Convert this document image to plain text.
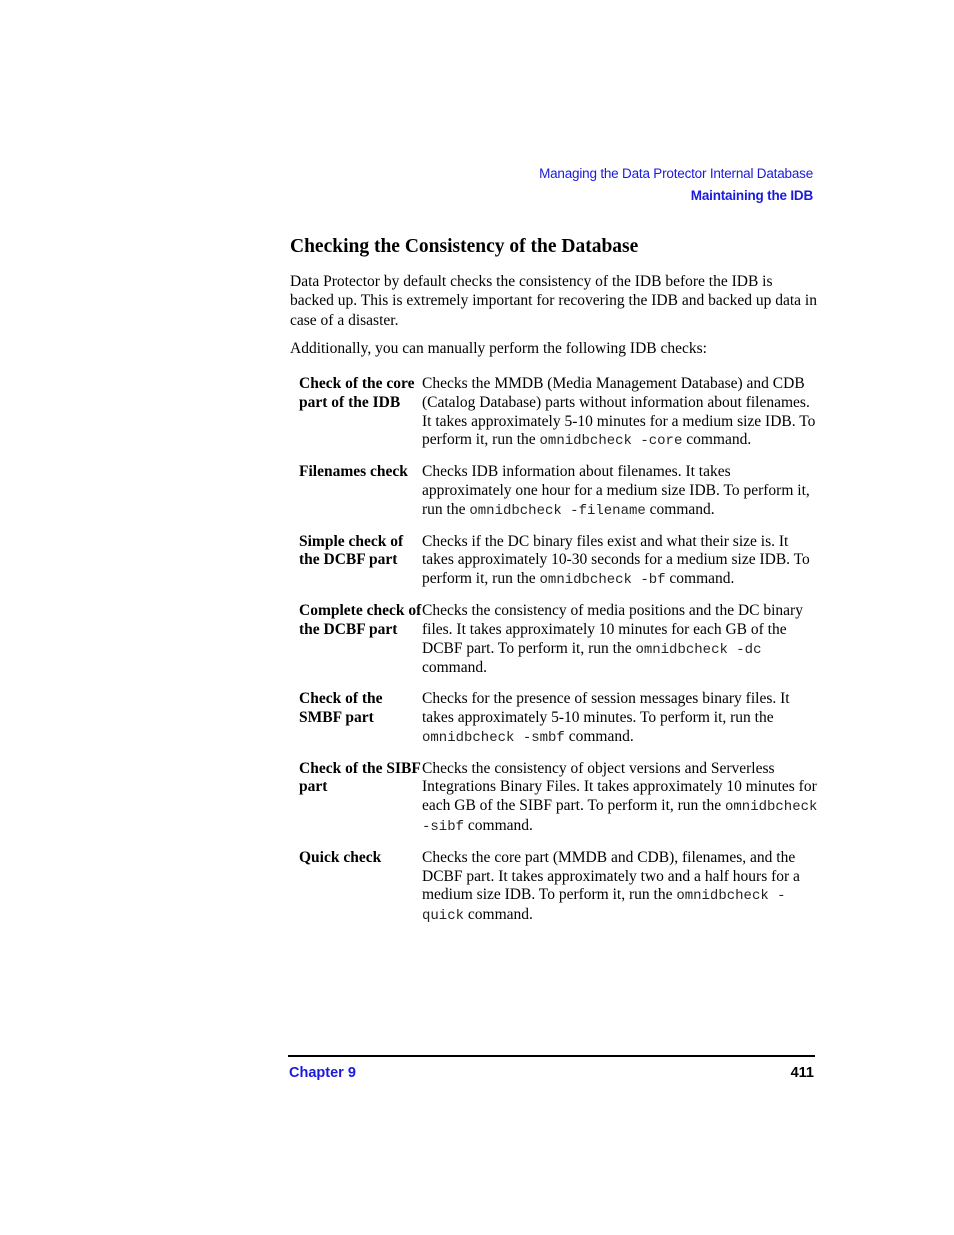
Managing the Data Protector Internal Database
Maintaining the IDB
Checking the Consistency of the Database

Data Protector by default checks the consistency of the IDB before the IDB is backed up. This is extremely important for recovering the IDB and backed up data in case of a disaster.

Additionally, you can manually perform the following IDB checks:

Check of the core part of the IDB
Checks the MMDB (Media Management Database) and CDB (Catalog Database) parts without information about filenames. It takes approximately 5-10 minutes for a medium size IDB. To perform it, run the omnidbcheck -core command.
Filenames check Checks IDB information about filenames. It takes approximately one hour for a medium size IDB. To perform it, run the omnidbcheck -filename command.
Simple check of the DCBF part
Checks if the DC binary files exist and what their size is. It takes approximately 10-30 seconds for a medium size IDB. To perform it, run the omnidbcheck -bf command.
Complete check of the DCBF part
Checks the consistency of media positions and the DC binary files. It takes approximately 10 minutes for each GB of the DCBF part. To perform it, run the omnidbcheck -dc command.
Check of the SMBF part
Checks for the presence of session messages binary files. It takes approximately 5-10 minutes. To perform it, run the omnidbcheck -smbf command.
Check of the SIBF part
Checks the consistency of object versions and Serverless Integrations Binary Files. It takes approximately 10 minutes for each GB of the SIBF part. To perform it, run the omnidbcheck -sibf command.
Quick check	Checks the core part (MMDB and CDB), filenames, and the DCBF part. It takes approximately two and a half hours for a medium size IDB. To perform it, run the omnidbcheck -quick command.
Chapter 9	411
